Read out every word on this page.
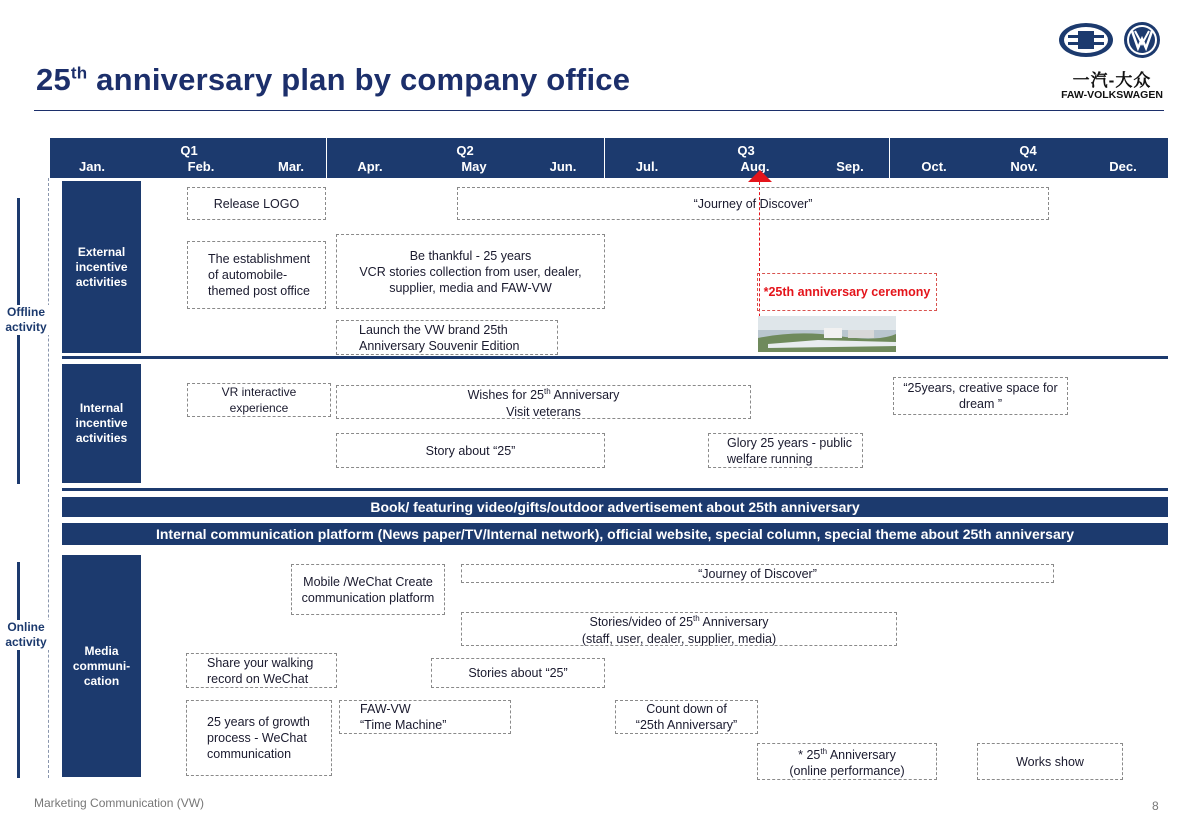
25th anniversary plan by company office	一汽-大众
FAW-VOLKSWAGEN
Q1	Q2	Q3	Q4
Jan.	Feb.	Mar.	Apr.	May	Jun.	Jul.	Aug.	Sep.	Oct.	Nov.	Dec.
Offline activity
Online activity
External incentive activities
Internal incentive activities
Media communi-cation
Book/ featuring video/gifts/outdoor advertisement about 25th anniversary
Internal communication platform (News paper/TV/Internal network), official website, special column, special theme about 25th anniversary
Release LOGO	“Journey of Discover”
The establishment of automobile-themed post office
Be thankful - 25 years
VCR stories collection from user, dealer, supplier, media and FAW-VW	*25th anniversary ceremony
Launch the VW brand 25th Anniversary Souvenir Edition
VR interactive experience
Wishes for 25th Anniversary
Visit veterans
“25years, creative space for dream ”
Story about “25”
Glory 25 years - public welfare running
Mobile /WeChat Create communication platform
“Journey of Discover”
Stories/video of 25th Anniversary
(staff, user, dealer, supplier, media)
Share your walking record on WeChat	Stories about “25”
25 years of growth process - WeChat communication
FAW-VW
“Time Machine”
Count down of
“25th Anniversary”
* 25th Anniversary
(online performance)
Works show
Marketing Communication (VW)	8
